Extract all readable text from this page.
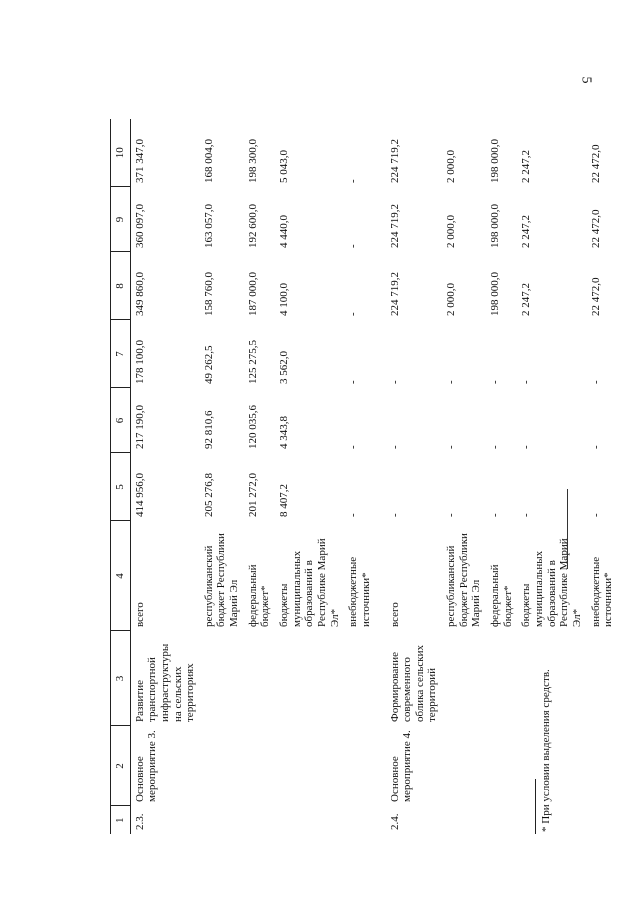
5
1	2	3	4	5	6	7	8	9	10
2.3.	Основное мероприятие 3.	Развитие транспортной инфраструктуры на сельских территориях	всего	414 956,0	217 190,0	178 100,0	349 860,0	360 097,0	371 347,0
			республиканский бюджет Республики Марий Эл	205 276,8	92 810,6	49 262,5	158 760,0	163 057,0	168 004,0
			федеральный бюджет*	201 272,0	120 035,6	125 275,5	187 000,0	192 600,0	198 300,0
			бюджеты муниципальных образований в Республике Марий Эл*	8 407,2	4 343,8	3 562,0	4 100,0	4 440,0	5 043,0
			внебюджетные источники*	-	-	-	-	-	-

2.4.	Основное мероприятие 4.	Формирование современного облика сельских территорий	всего	-	-	-	224 719,2	224 719,2	224 719,2
			республиканский бюджет Республики Марий Эл	-	-	-	2 000,0	2 000,0	2 000,0
			федеральный бюджет*	-	-	-	198 000,0	198 000,0	198 000,0
			бюджеты муниципальных образований в Республике Марий Эл*	-	-	-	2 247,2	2 247,2	2 247,2
			внебюджетные источники*	-	-	-	22 472,0	22 472,0	22 472,0
* При условии выделения средств.
